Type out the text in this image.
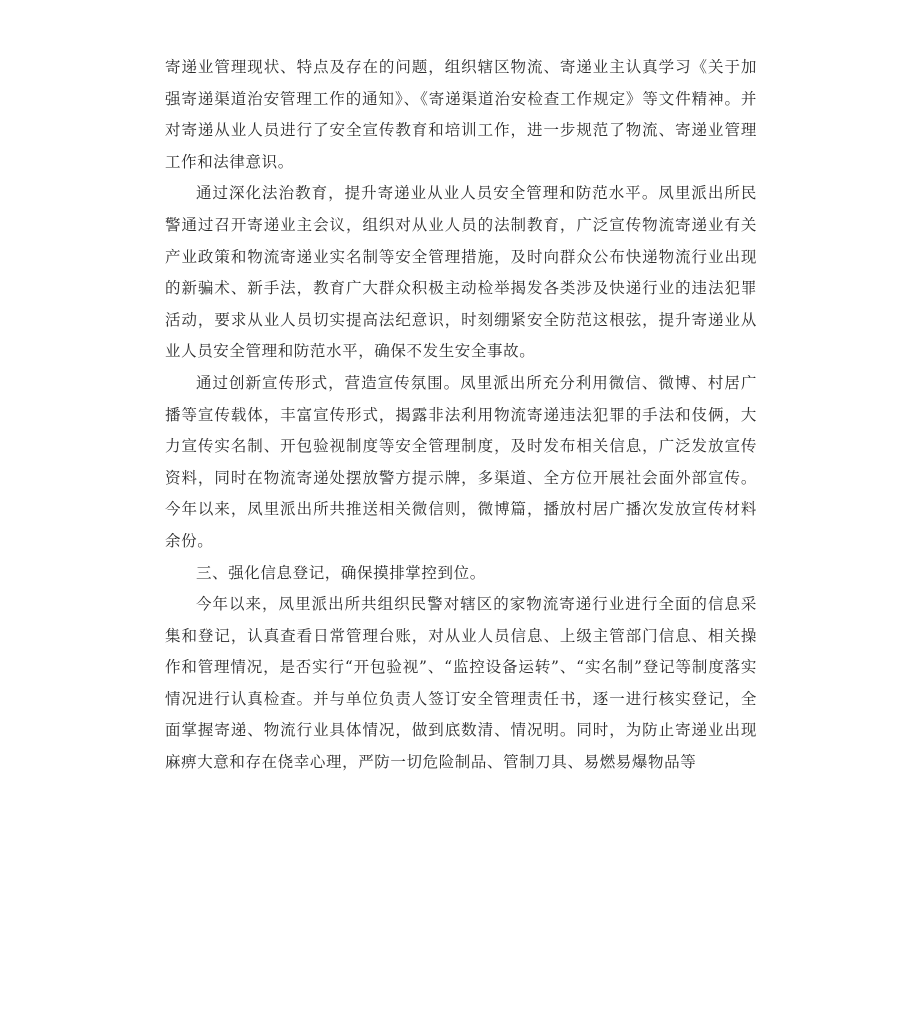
寄递业管理现状、特点及存在的问题，组织辖区物流、寄递业主认真学习《关于加强寄递渠道治安管理工作的通知》、《寄递渠道治安检查工作规定》等文件精神。并对寄递从业人员进行了安全宣传教育和培训工作，进一步规范了物流、寄递业管理工作和法律意识。

通过深化法治教育，提升寄递业从业人员安全管理和防范水平。凤里派出所民警通过召开寄递业主会议，组织对从业人员的法制教育，广泛宣传物流寄递业有关产业政策和物流寄递业实名制等安全管理措施，及时向群众公布快递物流行业出现的新骗术、新手法，教育广大群众积极主动检举揭发各类涉及快递行业的违法犯罪活动，要求从业人员切实提高法纪意识，时刻绷紧安全防范这根弦，提升寄递业从业人员安全管理和防范水平，确保不发生安全事故。

通过创新宣传形式，营造宣传氛围。凤里派出所充分利用微信、微博、村居广播等宣传载体，丰富宣传形式，揭露非法利用物流寄递违法犯罪的手法和伎俩，大力宣传实名制、开包验视制度等安全管理制度，及时发布相关信息，广泛发放宣传资料，同时在物流寄递处摆放警方提示牌，多渠道、全方位开展社会面外部宣传。今年以来，凤里派出所共推送相关微信则，微博篇，播放村居广播次发放宣传材料余份。

三、强化信息登记，确保摸排掌控到位。

今年以来，凤里派出所共组织民警对辖区的家物流寄递行业进行全面的信息采集和登记，认真查看日常管理台账，对从业人员信息、上级主管部门信息、相关操作和管理情况，是否实行“开包验视”、“监控设备运转”、“实名制”登记等制度落实情况进行认真检查。并与单位负责人签订安全管理责任书，逐一进行核实登记，全面掌握寄递、物流行业具体情况，做到底数清、情况明。同时，为防止寄递业出现麻痹大意和存在侥幸心理，严防一切危险制品、管制刀具、易燃易爆物品等
